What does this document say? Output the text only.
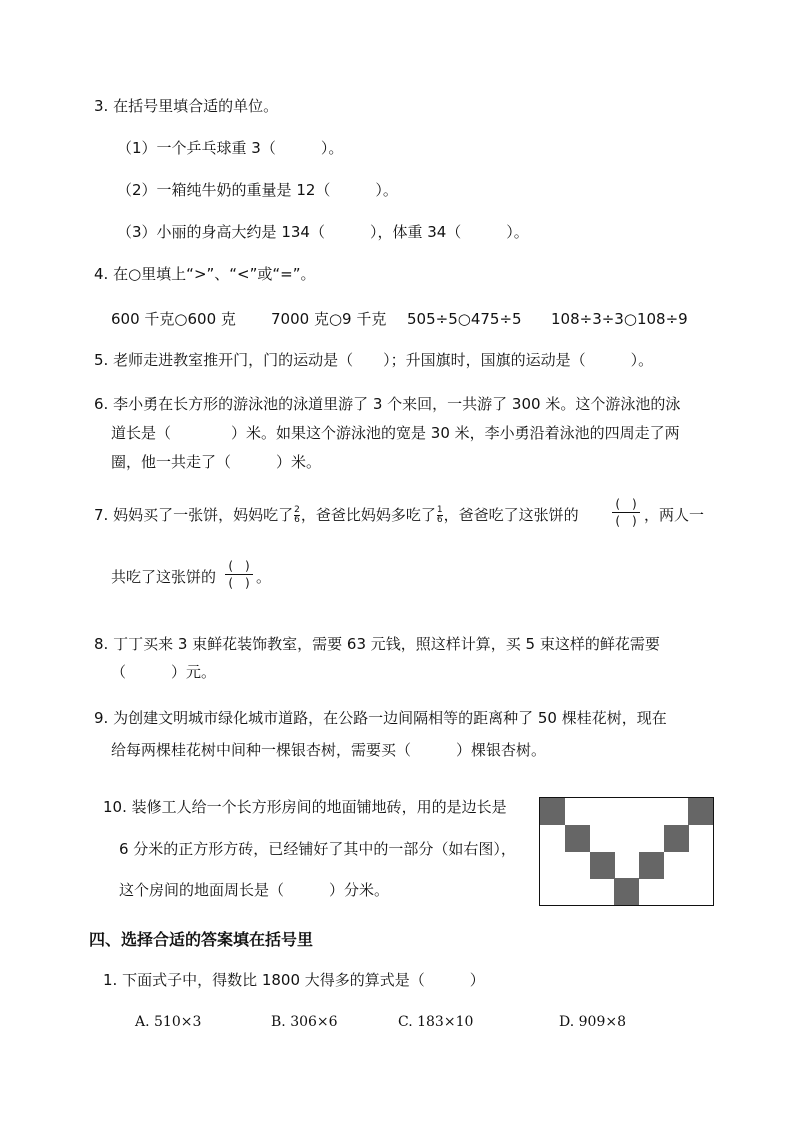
3. 在括号里填合适的单位。
（1）一个乒乓球重 3（　　　）。
（2）一箱纯牛奶的重量是 12（　　　）。
（3）小丽的身高大约是 134（　　　），体重 34（　　　）。
4. 在○里填上“>”、“<”或“=”。
600 千克○600 克 7000 克○9 千克 505÷5○475÷5 108÷3÷3○108÷9
5. 老师走进教室推开门，门的运动是（　　）；升国旗时，国旗的运动是（　　　）。
6. 李小勇在长方形的游泳池的泳道里游了 3 个来回，一共游了 300 米。这个游泳池的泳
道长是（　　　　）米。如果这个游泳池的宽是 30 米，李小勇沿着泳池的四周走了两
圈，他一共走了（　　　）米。
7. 妈妈买了一张饼，妈妈吃了 $\frac{2}{6}$ ，爸爸比妈妈多吃了 $\frac{1}{6}$ ，爸爸吃了这张饼的
(　)
(　) ，两人一
共吃了这张饼的
(　)
(　) 。
8. 丁丁买来 3 束鲜花装饰教室，需要 63 元钱，照这样计算，买 5 束这样的鲜花需要
（　　　）元。
9. 为创建文明城市绿化城市道路，在公路一边间隔相等的距离种了 50 棵桂花树，现在
给每两棵桂花树中间种一棵银杏树，需要买（　　　）棵银杏树。
10. 装修工人给一个长方形房间的地面铺地砖，用的是边长是
6 分米的正方形方砖，已经铺好了其中的一部分（如右图），
这个房间的地面周长是（　　　）分米。
四、选择合适的答案填在括号里
1. 下面式子中，得数比 1800 大得多的算式是（　　　）
A. 510×3	B. 306×6	C. 183×10	D. 909×8
